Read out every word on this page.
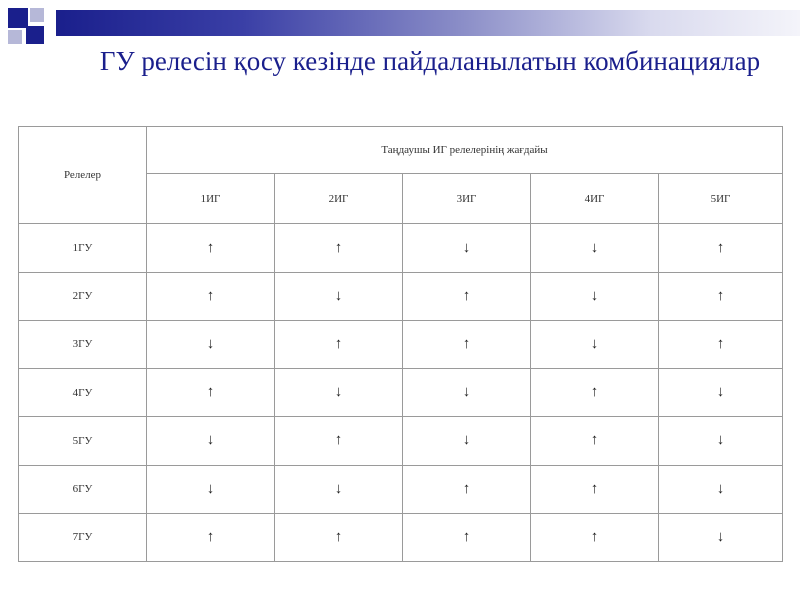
ГУ релесін қосу кезінде пайдаланылатын комбинациялар
Релелер	Таңдаушы ИГ релелерінің жағдайы				
	1ИГ	2ИГ	3ИГ	4ИГ	5ИГ
1ГУ	↑	↑	↓	↓	↑
2ГУ	↑	↓	↑	↓	↑
3ГУ	↓	↑	↑	↓	↑
4ГУ	↑	↓	↓	↑	↓
5ГУ	↓	↑	↓	↑	↓
6ГУ	↓	↓	↑	↑	↓
7ГУ	↑	↑	↑	↑	↓
